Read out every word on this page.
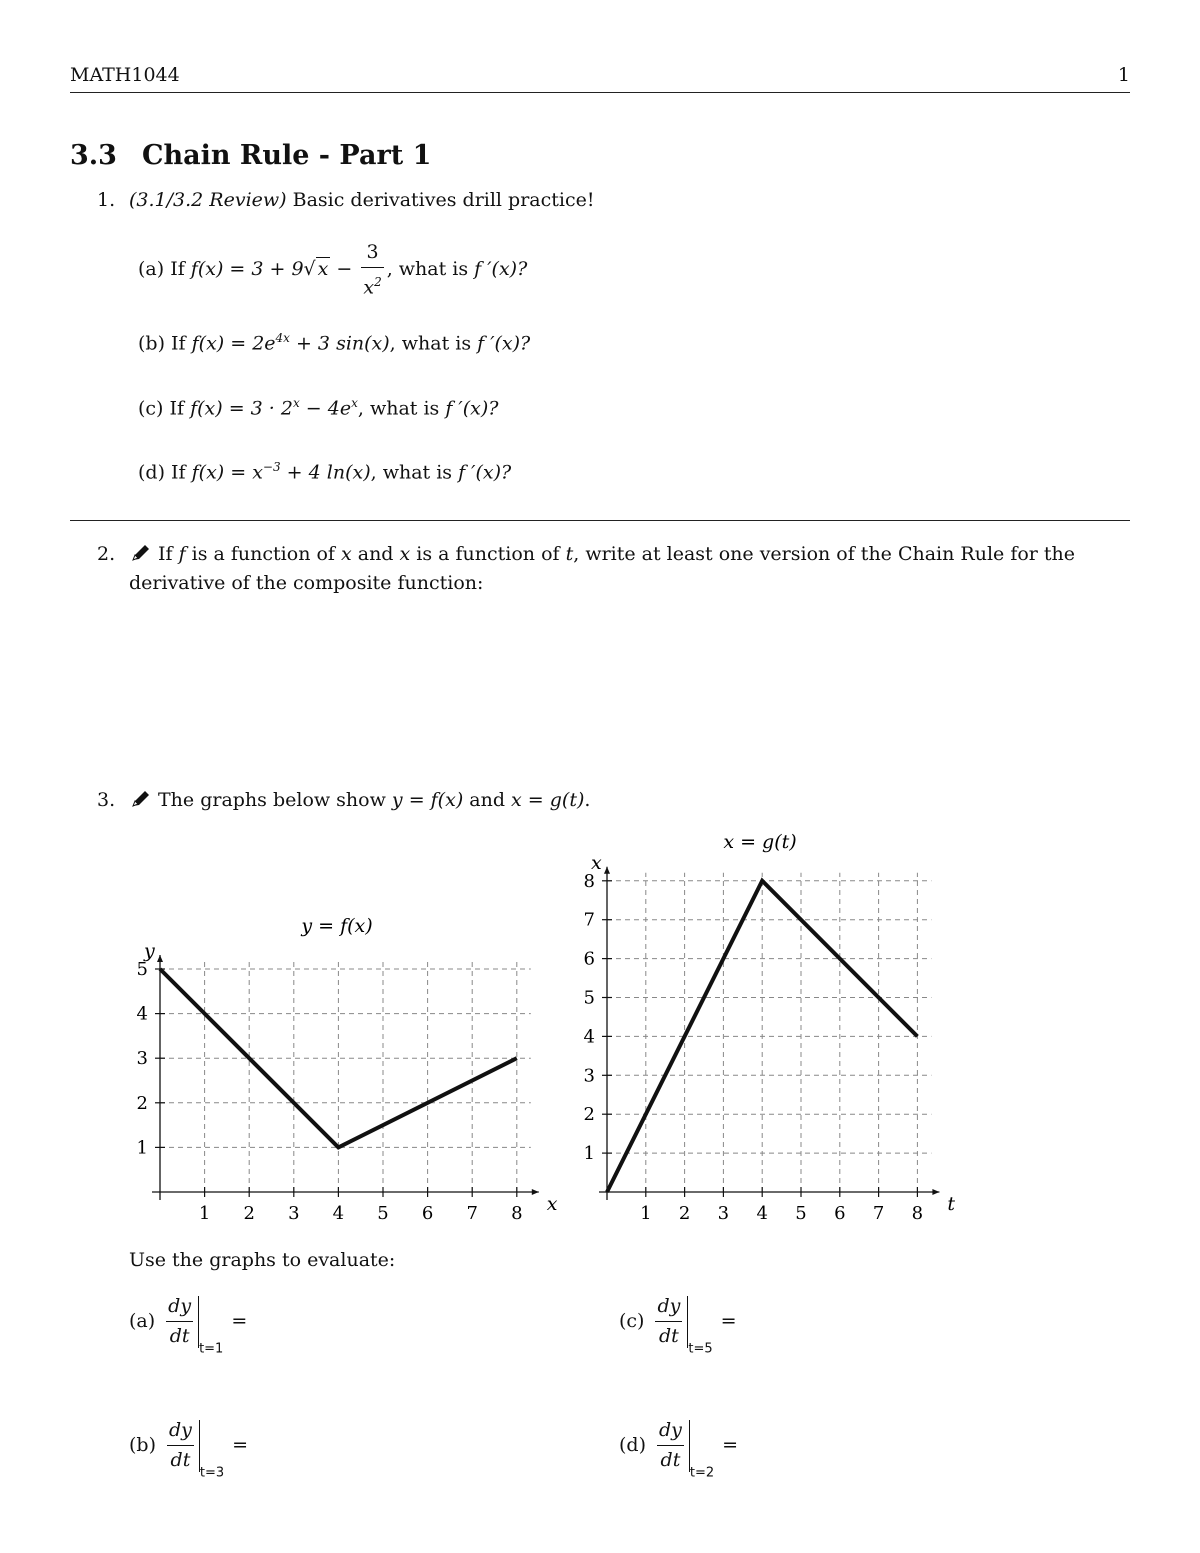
MATH1044	1
3.3 Chain Rule - Part 1
1. (3.1/3.2 Review) Basic derivatives drill practice!
(a) If f(x) = 3 + 9√ $x - \frac{3}{x^2}$ , what is f ′(x)?
(b) If $f(x) = 2e^{4x} + 3$ sin(x), what is f ′(x)?
(c) If $f(x) = 3 \cdot 2^x - 4e^x$, what is f ′(x)?
(d) If $f(x) = x^{-3} + 4$ ln(x), what is f ′(x)?
2.	If f is a function of x and x is a function of t, write at least one version of the Chain Rule for the
derivative of the composite function:
3.	The graphs below show y = f(x) and x = g(t).
1 2 3 4 5 6 7 8
1
2
3
4
5
x
y
y = f(x)
1 2 3 4 5 6 7 8
1
2
3
4
5
6
7
8
t
x
x = g(t)
Use the graphs to evaluate:
$(a) \frac{dy}{dt} _{t=1}=$
$(b) \frac{dy}{dt} _{t=3}=$
$(c) \frac{dy}{dt} _{t=5}=$
$(d) \frac{dy}{dt} _{t=2}=$
